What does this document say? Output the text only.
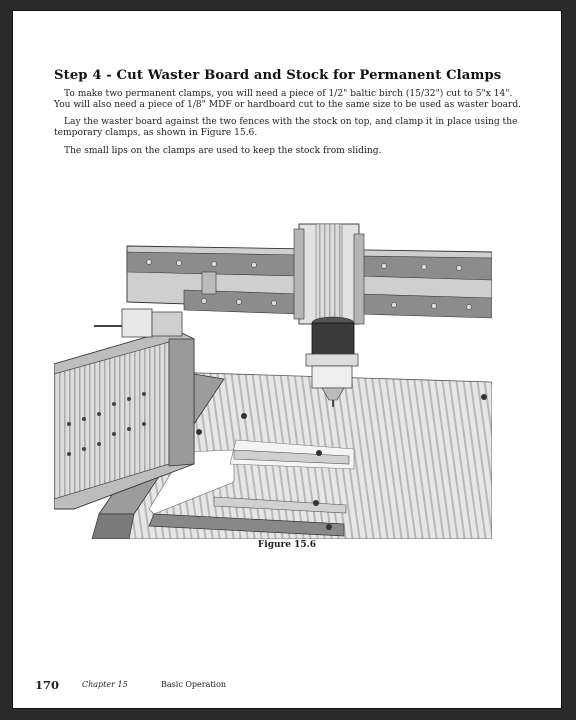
Step 4 - Cut Waster Board and Stock for Permanent Clamps
To make two permanent clamps, you will need a piece of 1/2" baltic birch (15/32") cut to 5"x 14". You will also need a piece of 1/8" MDF or hardboard cut to the same size to be used as waster board.
Lay the waster board against the two fences with the stock on top, and clamp it in place using the temporary clamps, as shown in Figure 15.6.
The small lips on the clamps are used to keep the stock from sliding.
Figure 15.6
170	Chapter 15	Basic Operation
